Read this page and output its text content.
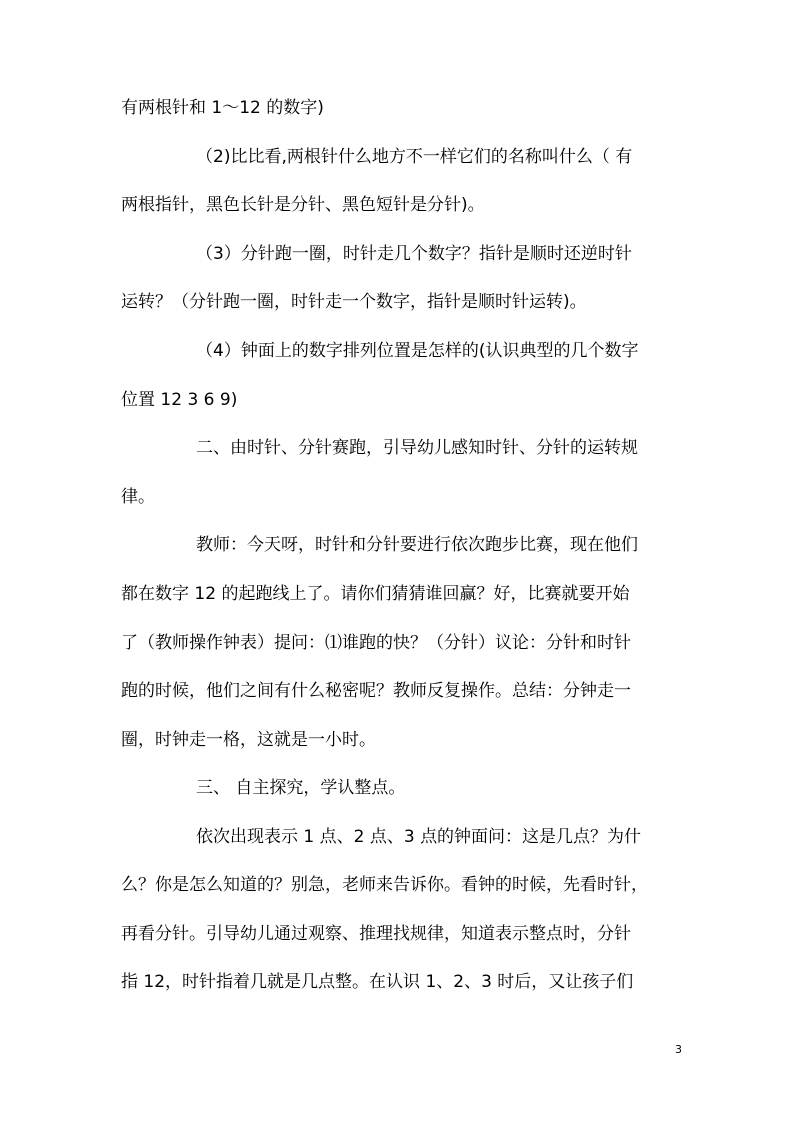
有两根针和 1～12 的数字)
（2)比比看,两根针什么地方不一样它们的名称叫什么（ 有
两根指针，黑色长针是分针、黑色短针是分针)。
（3）分针跑一圈，时针走几个数字？指针是顺时还逆时针
运转？（分针跑一圈，时针走一个数字，指针是顺时针运转)。
（4）钟面上的数字排列位置是怎样的(认识典型的几个数字
位置 12 3 6 9)
二、由时针、分针赛跑，引导幼儿感知时针、分针的运转规
律。
教师：今天呀，时针和分针要进行依次跑步比赛，现在他们
都在数字 12 的起跑线上了。请你们猜猜谁回赢？好，比赛就要开始
了（教师操作钟表）提问：⑴谁跑的快？（分针）议论：分针和时针
跑的时候，他们之间有什么秘密呢？教师反复操作。总结：分钟走一
圈，时钟走一格，这就是一小时。
三、 自主探究，学认整点。
依次出现表示 1 点、2 点、3 点的钟面问：这是几点？为什
么？你是怎么知道的？别急，老师来告诉你。看钟的时候，先看时针，
再看分针。引导幼儿通过观察、推理找规律，知道表示整点时，分针
指 12，时针指着几就是几点整。在认识 1、2、3 时后，又让孩子们
3
